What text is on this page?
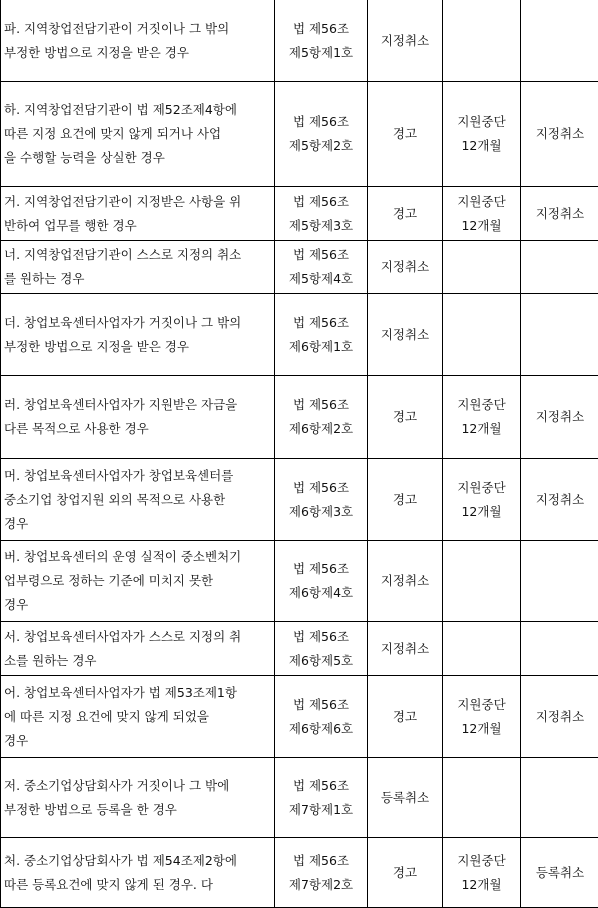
파. 지역창업전담기관이 거짓이나 그 밖의
부정한 방법으로 지정을 받은 경우	법 제56조
제5항제1호	지정취소		

하. 지역창업전담기관이 법 제52조제4항에
따른 지정 요건에 맞지 않게 되거나 사업
을 수행할 능력을 상실한 경우	법 제56조
제5항제2호	경고	지원중단 12개월	지정취소

거. 지역창업전담기관이 지정받은 사항을 위
반하여 업무를 행한 경우	법 제56조
제5항제3호	경고	지원중단 12개월	지정취소

너. 지역창업전담기관이 스스로 지정의 취소
를 원하는 경우	법 제56조
제5항제4호	지정취소		

더. 창업보육센터사업자가 거짓이나 그 밖의
부정한 방법으로 지정을 받은 경우	법 제56조
제6항제1호	지정취소		

러. 창업보육센터사업자가 지원받은 자금을
다른 목적으로 사용한 경우	법 제56조
제6항제2호	경고	지원중단 12개월	지정취소

머. 창업보육센터사업자가 창업보육센터를
중소기업 창업지원 외의 목적으로 사용한
경우	법 제56조
제6항제3호	경고	지원중단 12개월	지정취소

버. 창업보육센터의 운영 실적이 중소벤처기
업부령으로 정하는 기준에 미치지 못한
경우	법 제56조
제6항제4호	지정취소		

서. 창업보육센터사업자가 스스로 지정의 취
소를 원하는 경우	법 제56조
제6항제5호	지정취소		

어. 창업보육센터사업자가 법 제53조제1항
에 따른 지정 요건에 맞지 않게 되었을
경우	법 제56조
제6항제6호	경고	지원중단 12개월	지정취소

저. 중소기업상담회사가 거짓이나 그 밖에
부정한 방법으로 등록을 한 경우	법 제56조
제7항제1호	등록취소		

처. 중소기업상담회사가 법 제54조제2항에
따른 등록요건에 맞지 않게 된 경우. 다	법 제56조
제7항제2호	경고	지원중단 12개월	등록취소
